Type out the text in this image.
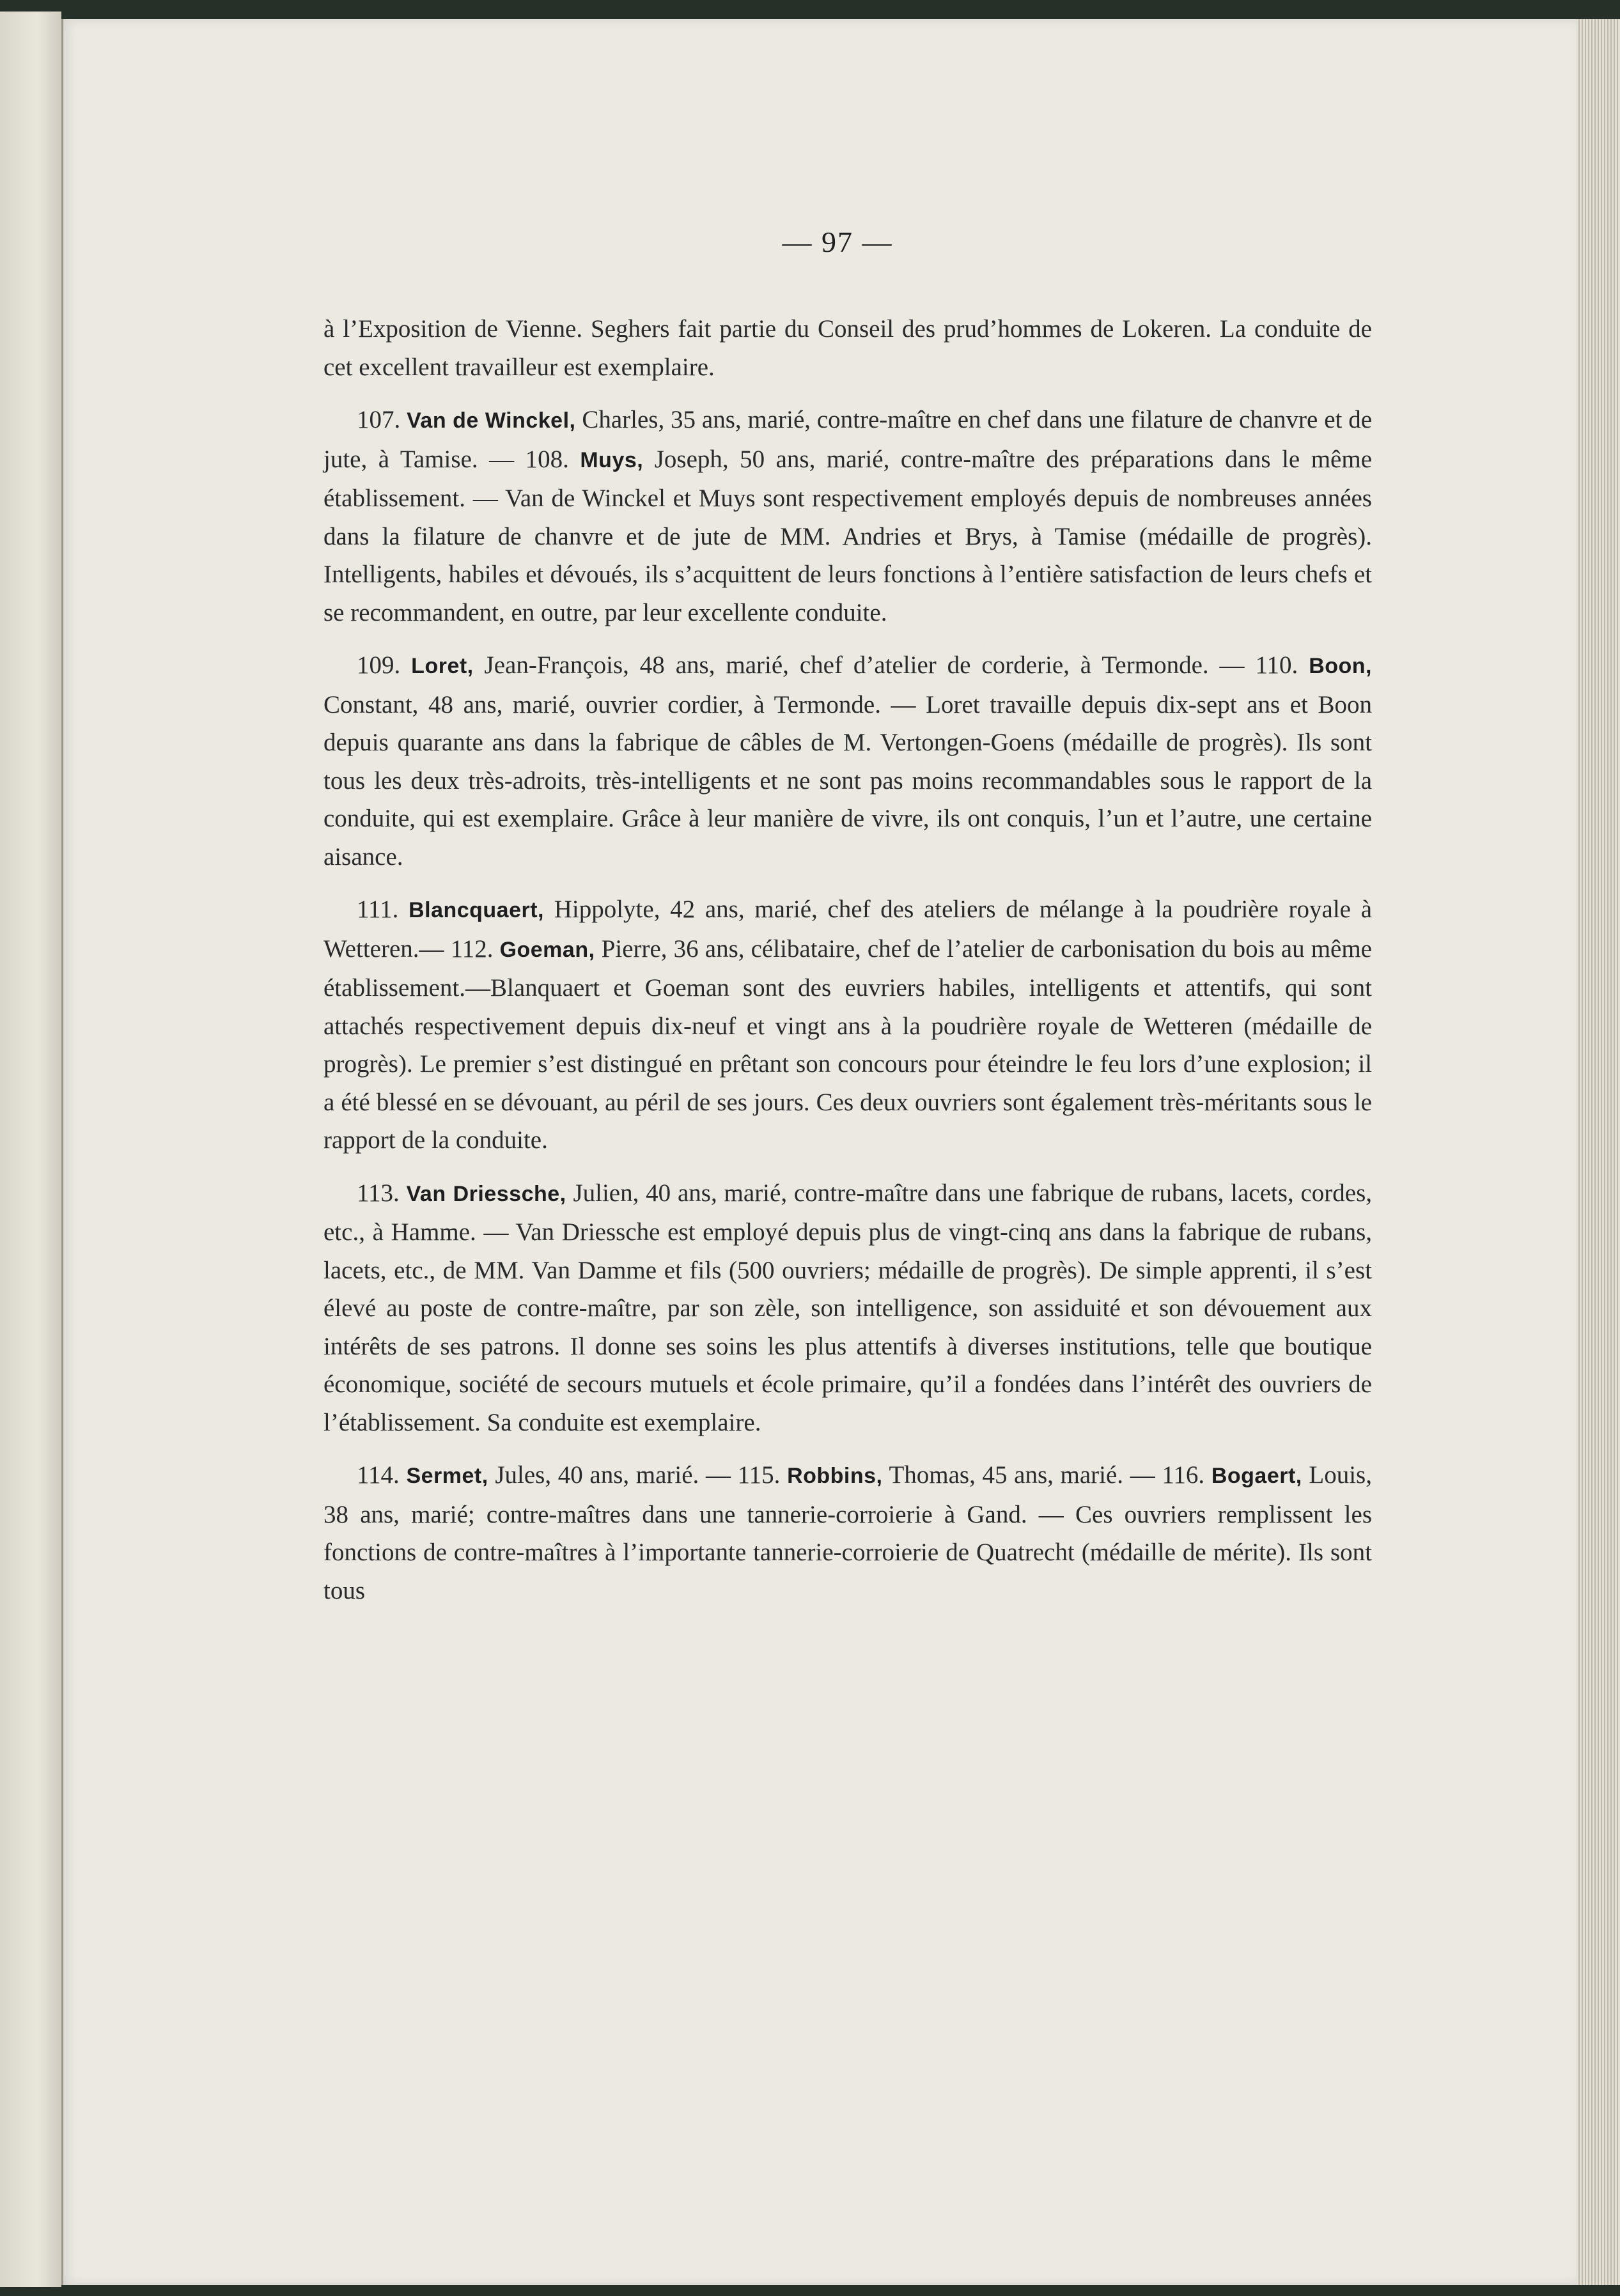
— 97 —

à l’Exposition de Vienne. Seghers fait partie du Conseil des prud’hommes de Lokeren. La conduite de cet excellent travailleur est exemplaire.

107. Van de Winckel, Charles, 35 ans, marié, contre-maître en chef dans une filature de chanvre et de jute, à Tamise. — 108. Muys, Joseph, 50 ans, marié, contre-maître des préparations dans le même établissement. — Van de Winckel et Muys sont respectivement employés depuis de nombreuses années dans la filature de chanvre et de jute de MM. Andries et Brys, à Tamise (médaille de progrès). Intelligents, habiles et dévoués, ils s’acquittent de leurs fonctions à l’entière satisfaction de leurs chefs et se recommandent, en outre, par leur excellente conduite.

109. Loret, Jean-François, 48 ans, marié, chef d’atelier de corderie, à Termonde. — 110. Boon, Constant, 48 ans, marié, ouvrier cordier, à Termonde. — Loret travaille depuis dix-sept ans et Boon depuis quarante ans dans la fabrique de câbles de M. Vertongen-Goens (médaille de progrès). Ils sont tous les deux très-adroits, très-intelligents et ne sont pas moins recommandables sous le rapport de la conduite, qui est exemplaire. Grâce à leur manière de vivre, ils ont conquis, l’un et l’autre, une certaine aisance.

111. Blancquaert, Hippolyte, 42 ans, marié, chef des ateliers de mélange à la poudrière royale à Wetteren.— 112. Goeman, Pierre, 36 ans, célibataire, chef de l’atelier de carbonisation du bois au même établissement.—Blanquaert et Goeman sont des euvriers habiles, intelligents et attentifs, qui sont attachés respectivement depuis dix-neuf et vingt ans à la poudrière royale de Wetteren (médaille de progrès). Le premier s’est distingué en prêtant son concours pour éteindre le feu lors d’une explosion; il a été blessé en se dévouant, au péril de ses jours. Ces deux ouvriers sont également très-méritants sous le rapport de la conduite.

113. Van Driessche, Julien, 40 ans, marié, contre-maître dans une fabrique de rubans, lacets, cordes, etc., à Hamme. — Van Driessche est employé depuis plus de vingt-cinq ans dans la fabrique de rubans, lacets, etc., de MM. Van Damme et fils (500 ouvriers; médaille de progrès). De simple apprenti, il s’est élevé au poste de contre-maître, par son zèle, son intelligence, son assiduité et son dévouement aux intérêts de ses patrons. Il donne ses soins les plus attentifs à diverses institutions, telle que boutique économique, société de secours mutuels et école primaire, qu’il a fondées dans l’intérêt des ouvriers de l’établissement. Sa conduite est exemplaire.

114. Sermet, Jules, 40 ans, marié. — 115. Robbins, Thomas, 45 ans, marié. — 116. Bogaert, Louis, 38 ans, marié; contre-maîtres dans une tannerie-corroierie à Gand. — Ces ouvriers remplissent les fonctions de contre-maîtres à l’importante tannerie-corroierie de Quatrecht (médaille de mérite). Ils sont tous
